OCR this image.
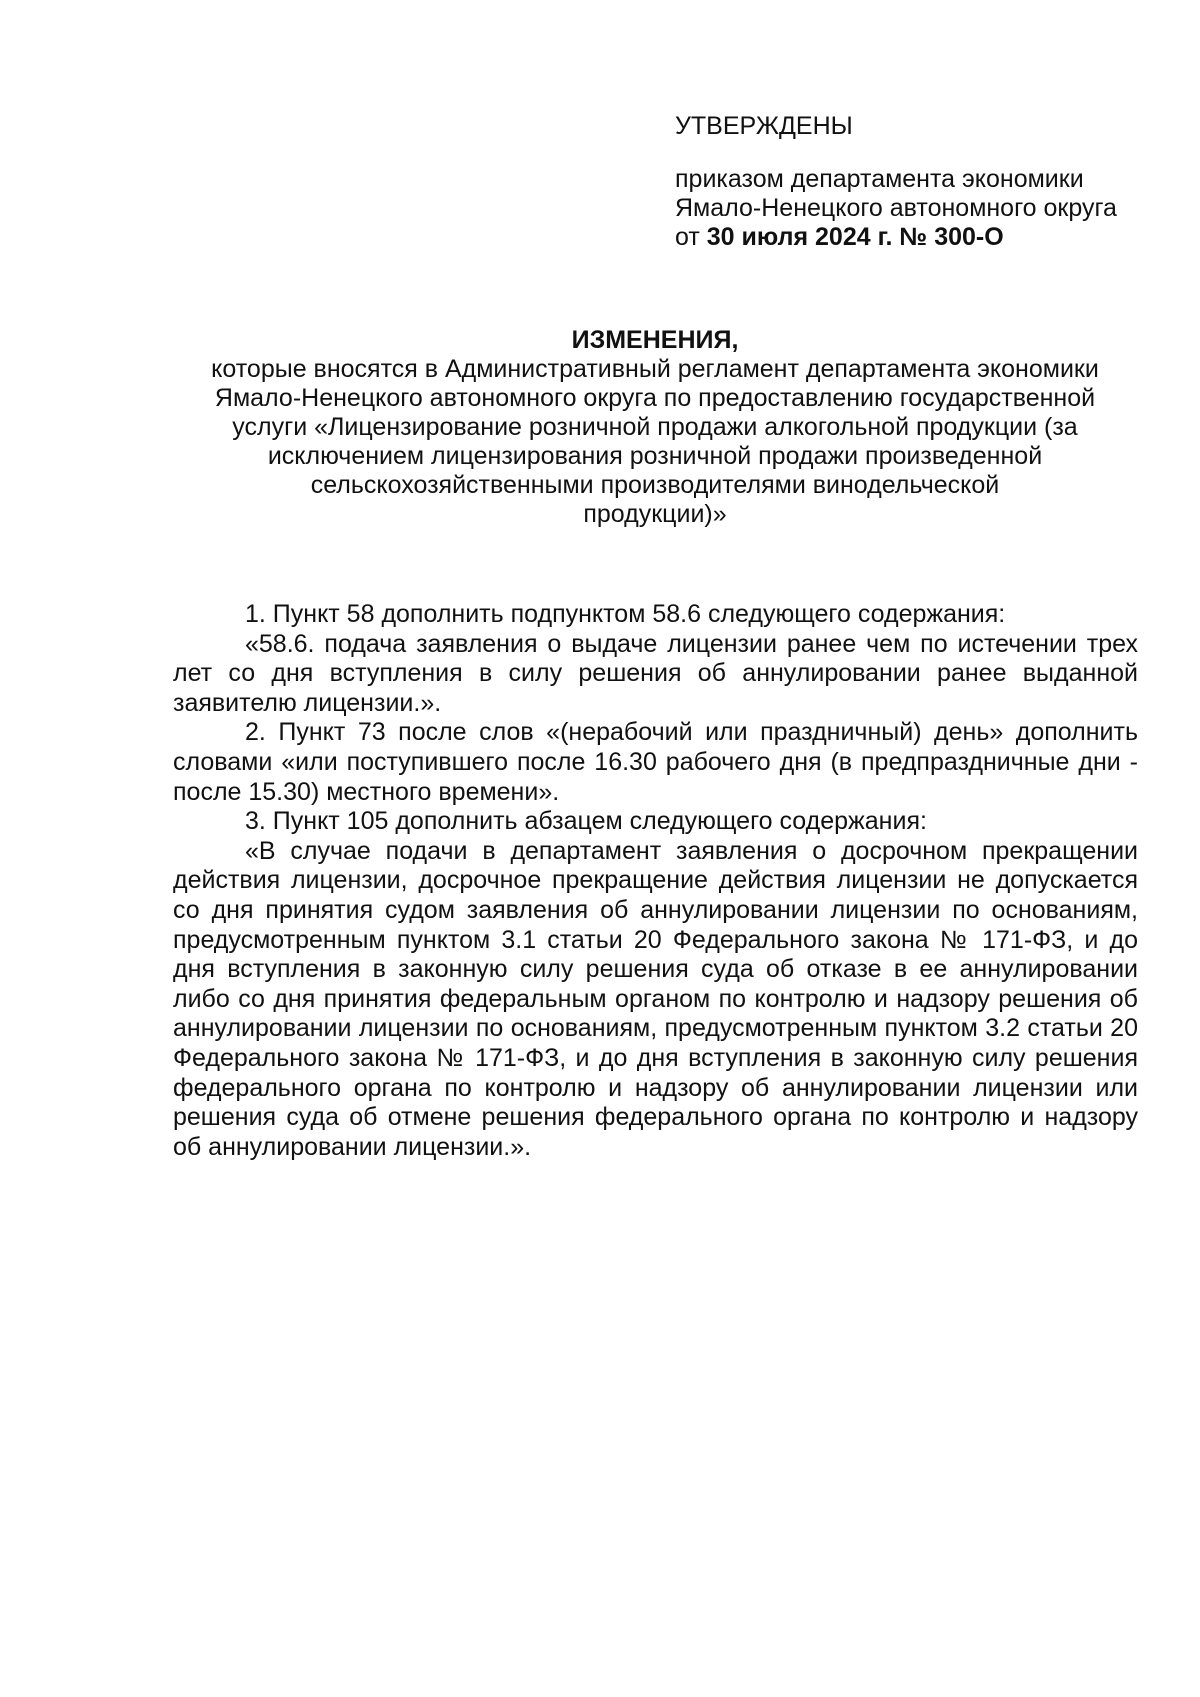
УТВЕРЖДЕНЫ
приказом департамента экономики
Ямало-Ненецкого автономного округа
от 30 июля 2024 г. № 300-О
ИЗМЕНЕНИЯ,
которые вносятся в Административный регламент департамента экономики
Ямало-Ненецкого автономного округа по предоставлению государственной
услуги «Лицензирование розничной продажи алкогольной продукции (за
исключением лицензирования розничной продажи произведенной
сельскохозяйственными производителями винодельческой
продукции)»

1. Пункт 58 дополнить подпунктом 58.6 следующего содержания:

«58.6. подача заявления о выдаче лицензии ранее чем по истечении трех лет со дня вступления в силу решения об аннулировании ранее выданной заявителю лицензии.».

2. Пункт 73 после слов «(нерабочий или праздничный) день» дополнить словами «или поступившего после 16.30 рабочего дня (в предпраздничные дни - после 15.30) местного времени».

3. Пункт 105 дополнить абзацем следующего содержания:

«В случае подачи в департамент заявления о досрочном прекращении действия лицензии, досрочное прекращение действия лицензии не допускается со дня принятия судом заявления об аннулировании лицензии по основаниям, предусмотренным пунктом 3.1 статьи 20 Федерального закона № 171-ФЗ, и до дня вступления в законную силу решения суда об отказе в ее аннулировании либо со дня принятия федеральным органом по контролю и надзору решения об аннулировании лицензии по основаниям, предусмотренным пунктом 3.2 статьи 20 Федерального закона № 171-ФЗ, и до дня вступления в законную силу решения федерального органа по контролю и надзору об аннулировании лицензии или решения суда об отмене решения федерального органа по контролю и надзору об аннулировании лицензии.».
